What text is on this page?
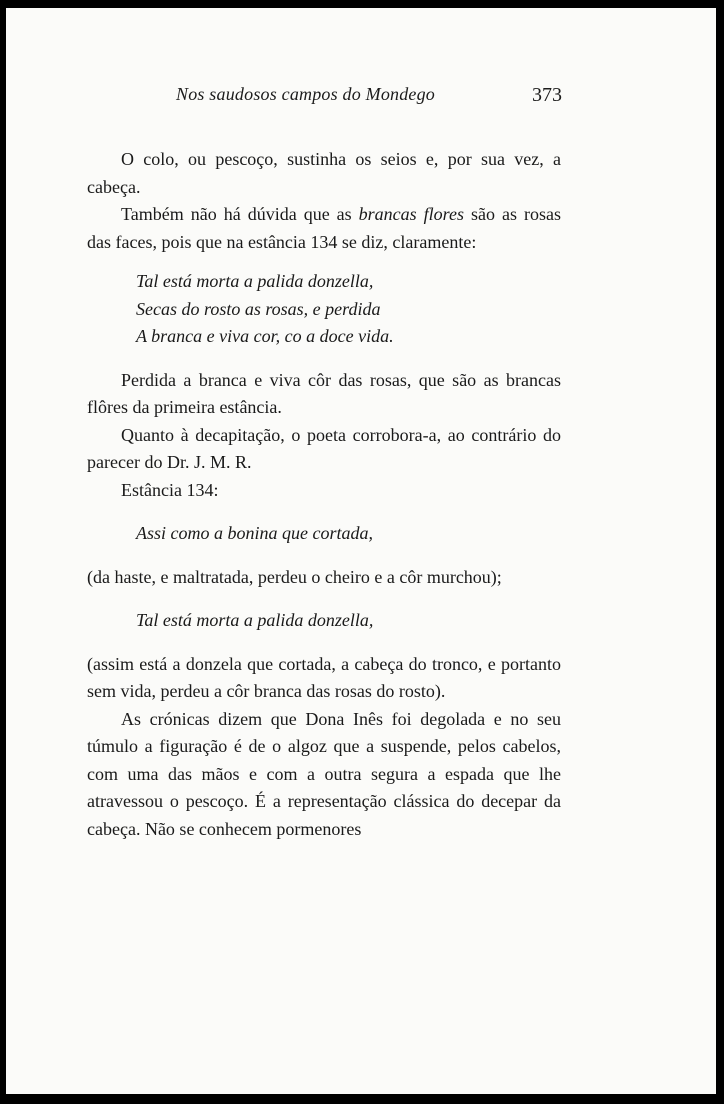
Nos saudosos campos do Mondego	373

O colo, ou pescoço, sustinha os seios e, por sua vez, a cabeça.

Também não há dúvida que as brancas flores são as rosas das faces, pois que na estância 134 se diz, claramente:

Tal está morta a palida donzella,

Secas do rosto as rosas, e perdida

A branca e viva cor, co a doce vida.

Perdida a branca e viva côr das rosas, que são as brancas flôres da primeira estância.

Quanto à decapitação, o poeta corrobora-a, ao contrário do parecer do Dr. J. M. R.

Estância 134:

Assi como a bonina que cortada,

(da haste, e maltratada, perdeu o cheiro e a côr murchou);

Tal está morta a palida donzella,

(assim está a donzela que cortada, a cabeça do tronco, e portanto sem vida, perdeu a côr branca das rosas do rosto).

As crónicas dizem que Dona Inês foi degolada e no seu túmulo a figuração é de o algoz que a suspende, pelos cabelos, com uma das mãos e com a outra segura a espada que lhe atravessou o pescoço. É a representação clássica do decepar da cabeça. Não se conhecem pormenores
